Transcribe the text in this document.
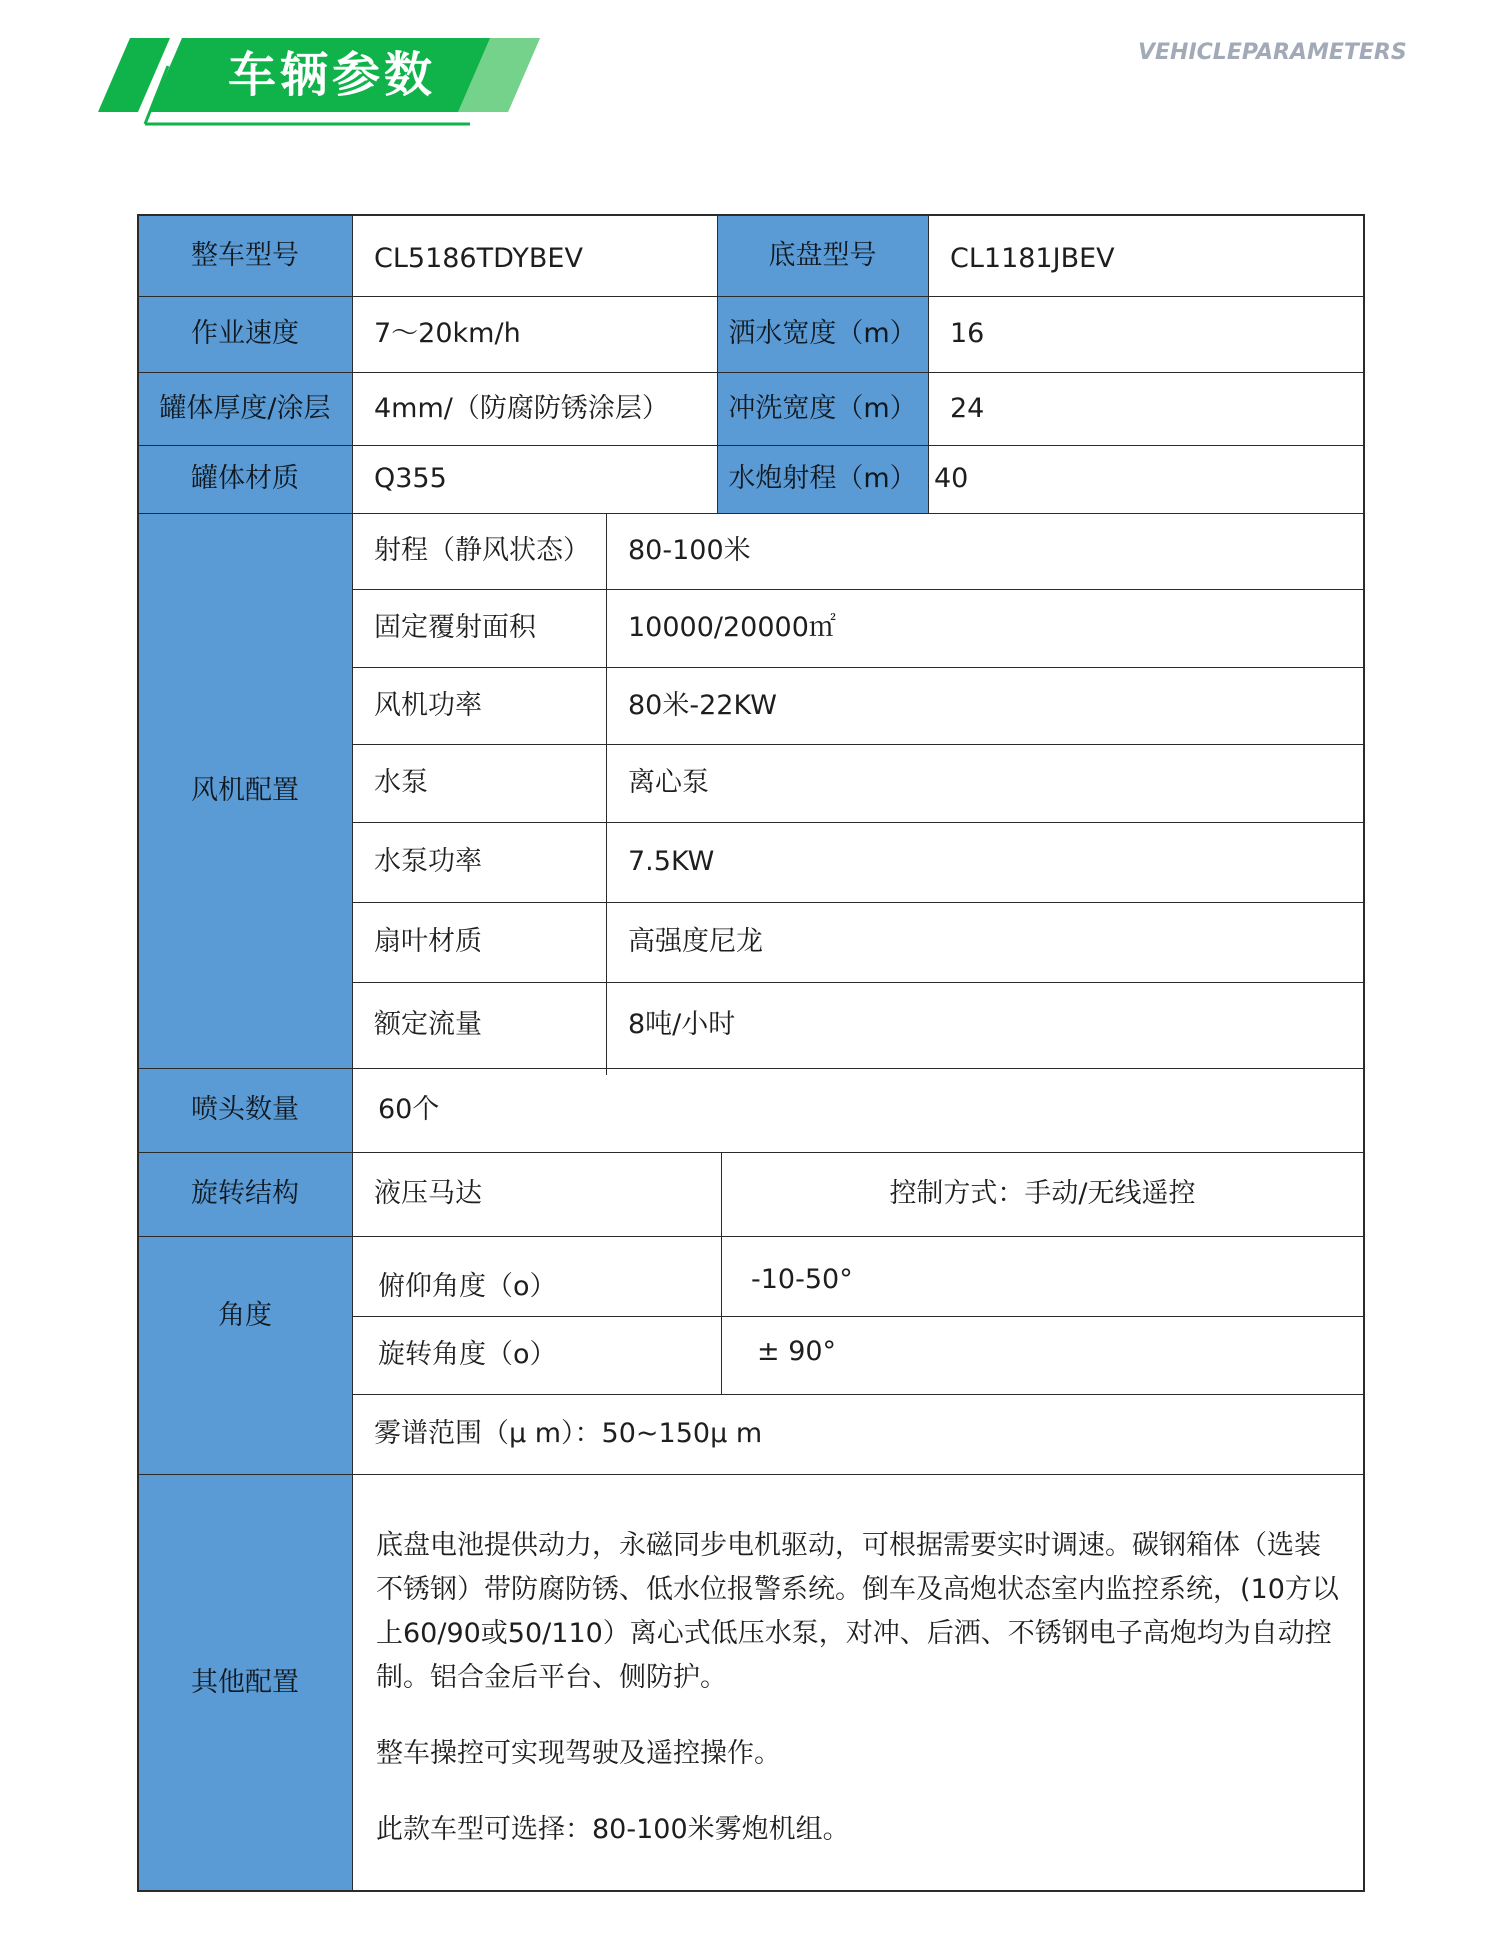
车辆参数	VEHICLEPARAMETERS
整车型号	CL5186TDYBEV	底盘型号	CL1181JBEV
作业速度	7～20km/h	洒水宽度（m）	16
罐体厚度/涂层	4mm/（防腐防锈涂层）	冲洗宽度（m）	24
罐体材质	Q355	水炮射程（m） 40
风机配置
射程（静风状态）	80-100米
固定覆射面积	10000/20000㎡
风机功率	80米-22KW
水泵	离心泵
水泵功率	7.5KW
扇叶材质	高强度尼龙
额定流量	8吨/小时
喷头数量	60个
旋转结构	液压马达	控制方式：手动/无线遥控
角度
俯仰角度（o）	-10-50°
旋转角度（o）	± 90°
雾谱范围（μ m）：50~150μ m
其他配置

底盘电池提供动力，永磁同步电机驱动，可根据需要实时调速。碳钢箱体（选装不锈钢）带防腐防锈、低水位报警系统。倒车及高炮状态室内监控系统，(10方以上60/90或50/110）离心式低压水泵，对冲、后洒、不锈钢电子高炮均为自动控制。铝合金后平台、侧防护。

整车操控可实现驾驶及遥控操作。

此款车型可选择：80-100米雾炮机组。
